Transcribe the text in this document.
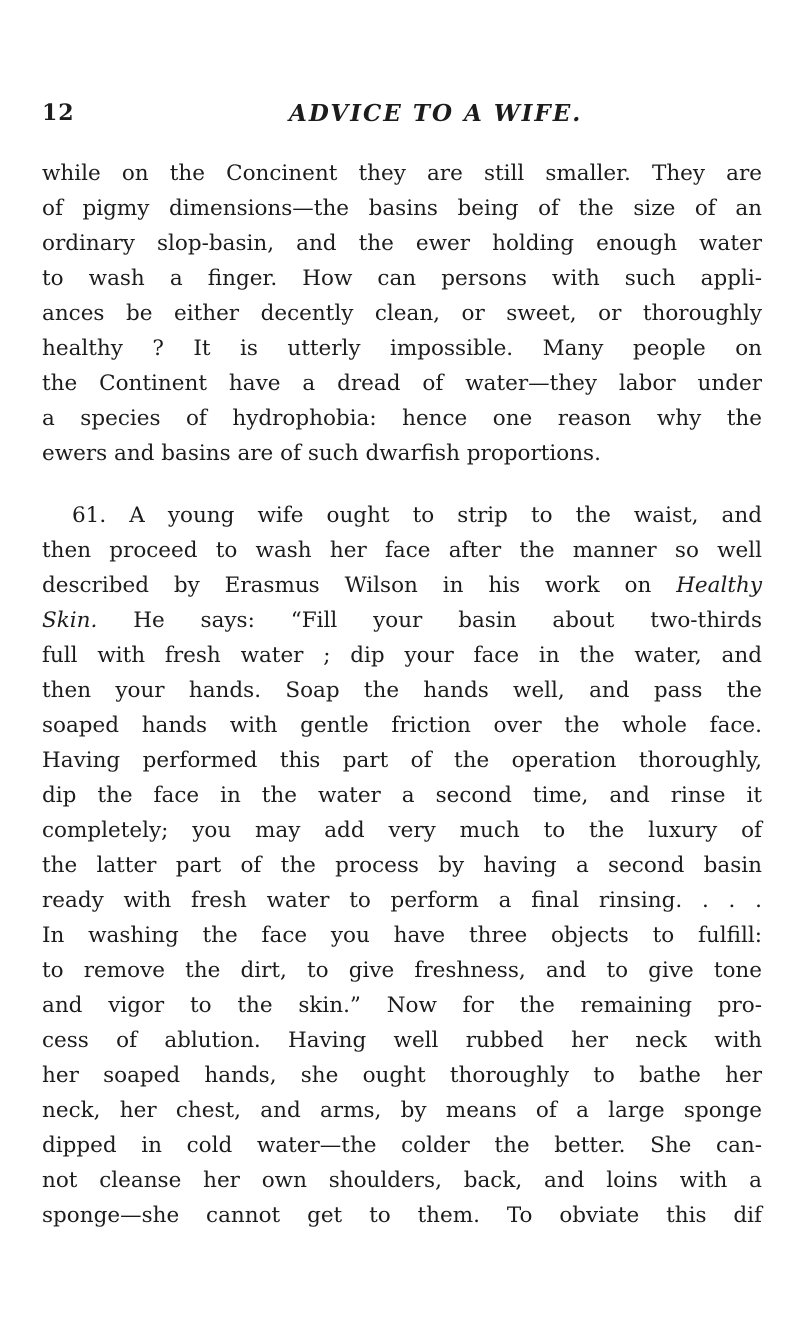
12	ADVICE TO A WIFE.
while on the Concinent they are still smaller. They are
of pigmy dimensions—the basins being of the size of an
ordinary slop-basin, and the ewer holding enough water
to wash a finger. How can persons with such appli-
ances be either decently clean, or sweet, or thoroughly
healthy ? It is utterly impossible. Many people on
the Continent have a dread of water—they labor under
a species of hydrophobia: hence one reason why the
ewers and basins are of such dwarfish proportions.
61. A young wife ought to strip to the waist, and
then proceed to wash her face after the manner so well
described by Erasmus Wilson in his work on Healthy
Skin. He says: “Fill your basin about two-thirds
full with fresh water ; dip your face in the water, and
then your hands. Soap the hands well, and pass the
soaped hands with gentle friction over the whole face.
Having performed this part of the operation thoroughly,
dip the face in the water a second time, and rinse it
completely; you may add very much to the luxury of
the latter part of the process by having a second basin
ready with fresh water to perform a final rinsing. . . .
In washing the face you have three objects to fulfill:
to remove the dirt, to give freshness, and to give tone
and vigor to the skin.” Now for the remaining pro-
cess of ablution. Having well rubbed her neck with
her soaped hands, she ought thoroughly to bathe her
neck, her chest, and arms, by means of a large sponge
dipped in cold water—the colder the better. She can-
not cleanse her own shoulders, back, and loins with a
sponge—she cannot get to them. To obviate this dif
